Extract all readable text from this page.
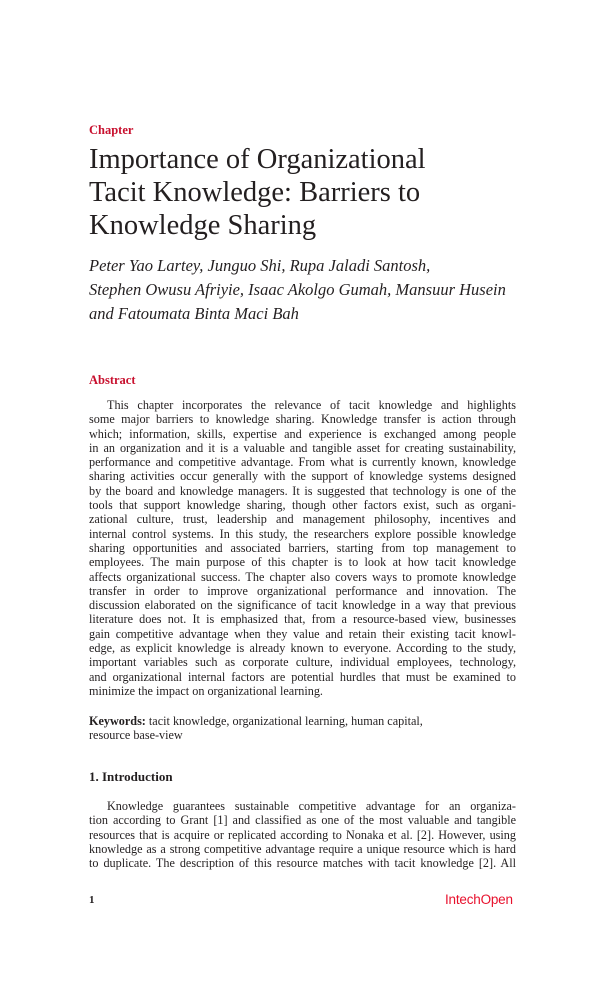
Chapter
Importance of Organizational
Tacit Knowledge: Barriers to
Knowledge Sharing
Peter Yao Lartey, Junguo Shi, Rupa Jaladi Santosh,
Stephen Owusu Afriyie, Isaac Akolgo Gumah, Mansuur Husein
and Fatoumata Binta Maci Bah
Abstract
This chapter incorporates the relevance of tacit knowledge and highlights
some major barriers to knowledge sharing. Knowledge transfer is action through
which; information, skills, expertise and experience is exchanged among people
in an organization and it is a valuable and tangible asset for creating sustainability,
performance and competitive advantage. From what is currently known, knowledge
sharing activities occur generally with the support of knowledge systems designed
by the board and knowledge managers. It is suggested that technology is one of the
tools that support knowledge sharing, though other factors exist, such as organi-
zational culture, trust, leadership and management philosophy, incentives and
internal control systems. In this study, the researchers explore possible knowledge
sharing opportunities and associated barriers, starting from top management to
employees. The main purpose of this chapter is to look at how tacit knowledge
affects organizational success. The chapter also covers ways to promote knowledge
transfer in order to improve organizational performance and innovation. The
discussion elaborated on the significance of tacit knowledge in a way that previous
literature does not. It is emphasized that, from a resource-based view, businesses
gain competitive advantage when they value and retain their existing tacit knowl-
edge, as explicit knowledge is already known to everyone. According to the study,
important variables such as corporate culture, individual employees, technology,
and organizational internal factors are potential hurdles that must be examined to
minimize the impact on organizational learning.
Keywords: tacit knowledge, organizational learning, human capital,
resource base-view
1. Introduction
Knowledge guarantees sustainable competitive advantage for an organiza-
tion according to Grant [1] and classified as one of the most valuable and tangible
resources that is acquire or replicated according to Nonaka et al. [2]. However, using
knowledge as a strong competitive advantage require a unique resource which is hard
to duplicate. The description of this resource matches with tacit knowledge [2]. All
1	IntechOpen
